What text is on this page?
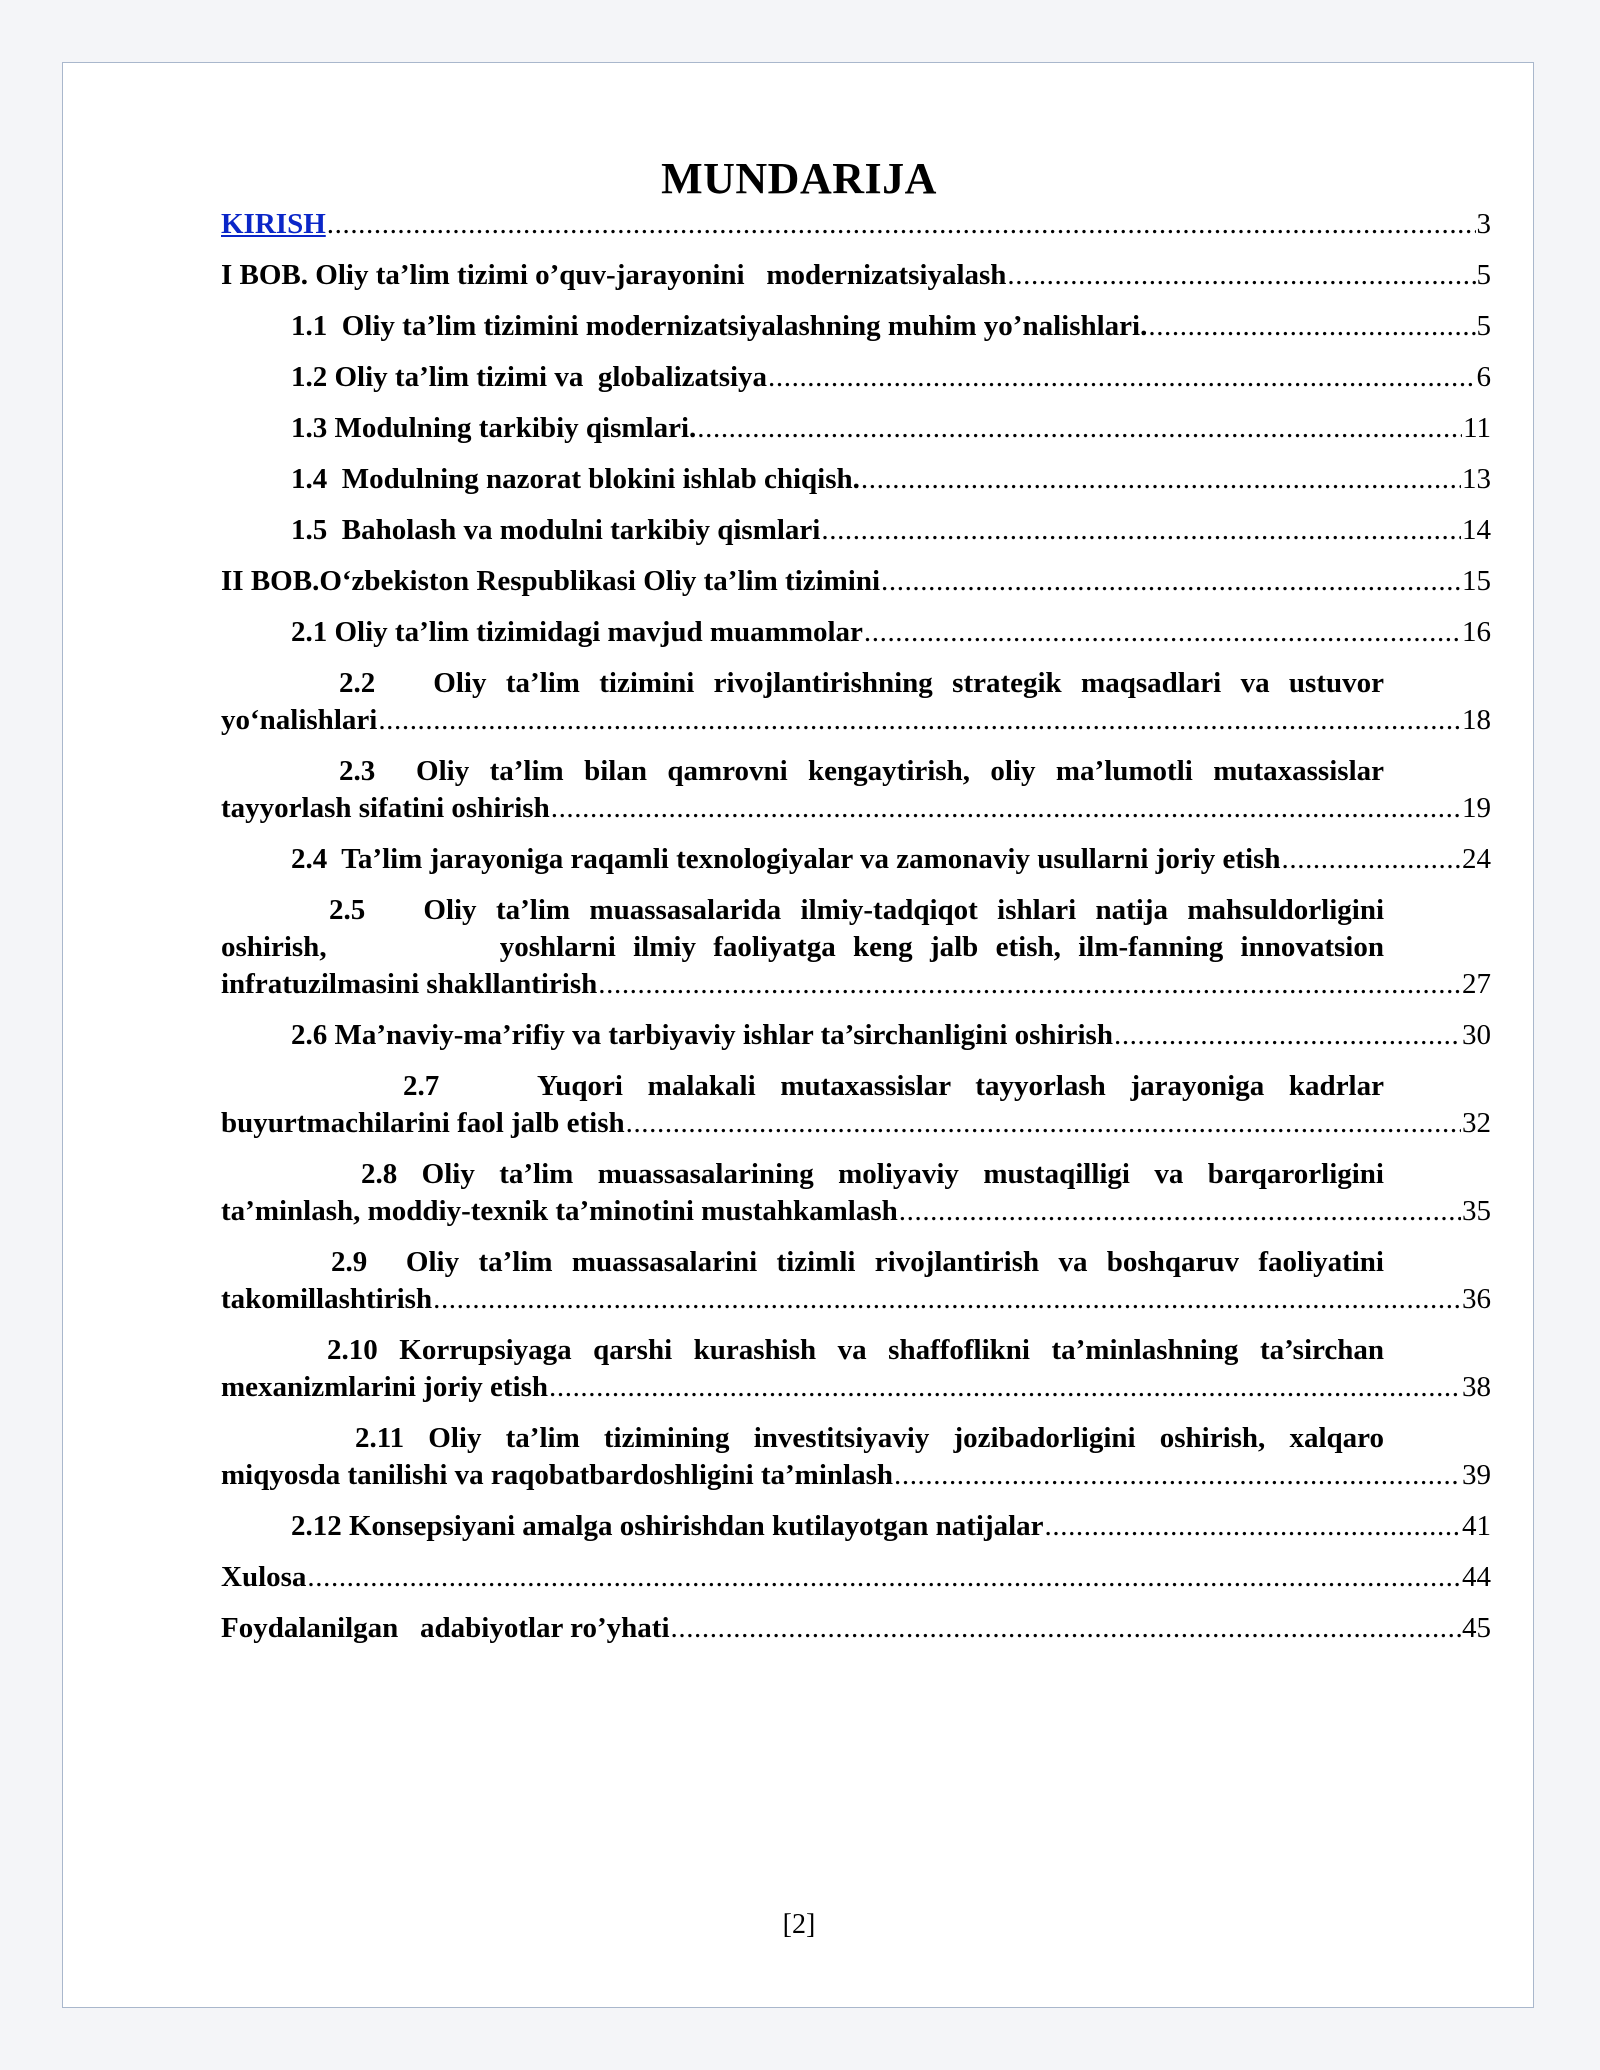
MUNDARIJA
KIRISH .....	3
I BOB. Oliy ta’lim tizimi o’quv-jarayonini   modernizatsiyalash .....	5
1.1  Oliy ta’lim tizimini modernizatsiyalashning muhim yo’nalishlari. .....	5
1.2 Oliy ta’lim tizimi va  globalizatsiya .....	6
1.3 Modulning tarkibiy qismlari. .....	11
1.4  Modulning nazorat blokini ishlab chiqish. .....	13
1.5  Baholash va modulni tarkibiy qismlari .....	14
II BOB.O‘zbekiston Respublikasi Oliy ta’lim tizimini .....	15
2.1 Oliy ta’lim tizimidagi mavjud muammolar .....	16
2.2   Oliy ta’lim tizimini rivojlantirishning strategik maqsadlari va ustuvor
yo‘nalishlari .....	18
2.3  Oliy ta’lim bilan qamrovni kengaytirish, oliy ma’lumotli mutaxassislar
tayyorlash sifatini oshirish .....	19
2.4  Ta’lim jarayoniga raqamli texnologiyalar va zamonaviy usullarni joriy etish .....	24
2.5   Oliy ta’lim muassasalarida ilmiy-tadqiqot ishlari natija mahsuldorligini
oshirish,          yoshlarni ilmiy faoliyatga keng jalb etish, ilm-fanning innovatsion
infratuzilmasini shakllantirish .....	27
2.6 Ma’naviy-ma’rifiy va tarbiyaviy ishlar ta’sirchanligini oshirish .....	30
2.7    Yuqori malakali mutaxassislar tayyorlash jarayoniga kadrlar
buyurtmachilarini faol jalb etish .....	32
2.8 Oliy ta’lim muassasalarining moliyaviy mustaqilligi va barqarorligini
ta’minlash, moddiy-texnik ta’minotini mustahkamlash .....	35
2.9  Oliy ta’lim muassasalarini tizimli rivojlantirish va boshqaruv faoliyatini
takomillashtirish .....	36
2.10 Korrupsiyaga qarshi kurashish va shaffoflikni ta’minlashning ta’sirchan
mexanizmlarini joriy etish .....	38
2.11 Oliy ta’lim tizimining investitsiyaviy jozibadorligini oshirish, xalqaro
miqyosda tanilishi va raqobatbardoshligini ta’minlash .....	39
2.12 Konsepsiyani amalga oshirishdan kutilayotgan natijalar .....	41
Xulosa .....	44
Foydalanilgan   adabiyotlar ro’yhati .....	45
[2]
